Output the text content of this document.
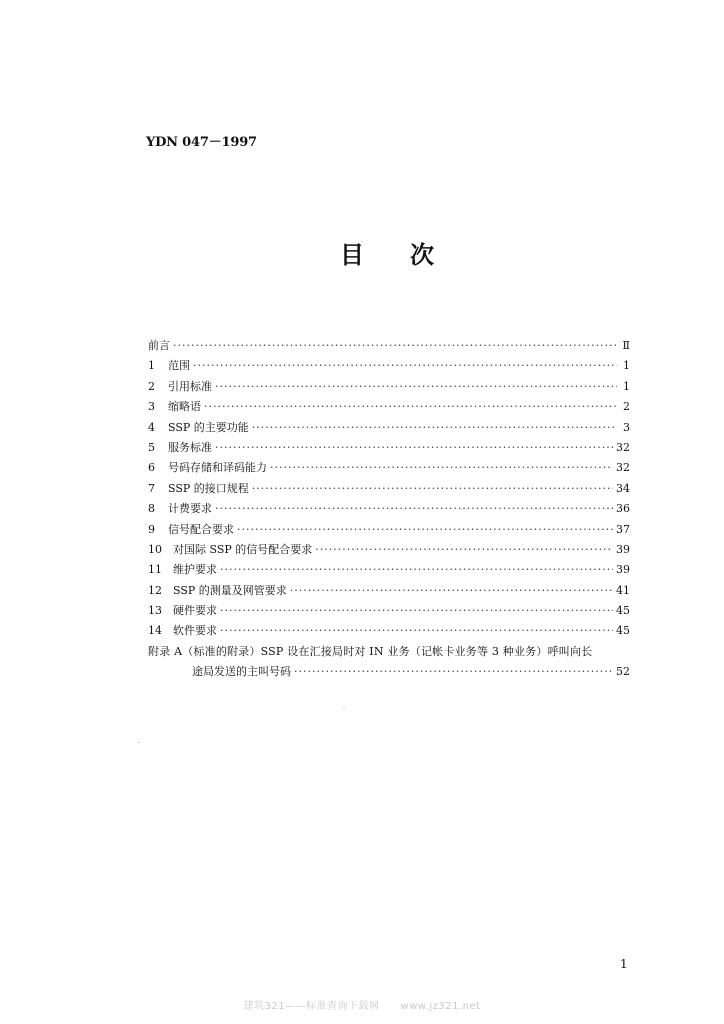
YDN 047－1997
目 次
前言 ·····	Ⅱ
1	范围 ·····	1
2	引用标准 ·····	1
3	缩略语 ·····	2
4	SSP 的主要功能 ·····	3
5	服务标准 ·····	32
6	号码存储和译码能力 ·····	32
7	SSP 的接口规程 ·····	34
8	计费要求 ·····	36
9	信号配合要求 ·····	37
10	对国际 SSP 的信号配合要求 ·····	39
11	维护要求 ·····	39
12	SSP 的测量及网管要求 ·····	41
13	硬件要求 ·····	45
14	软件要求 ·····	45
附录 A（标准的附录）SSP 设在汇接局时对 IN 业务（记帐卡业务等 3 种业务）呼叫向长
途局发送的主叫号码 ·····	52
1
建筑321——标准查询下载网　　www.jz321.net
